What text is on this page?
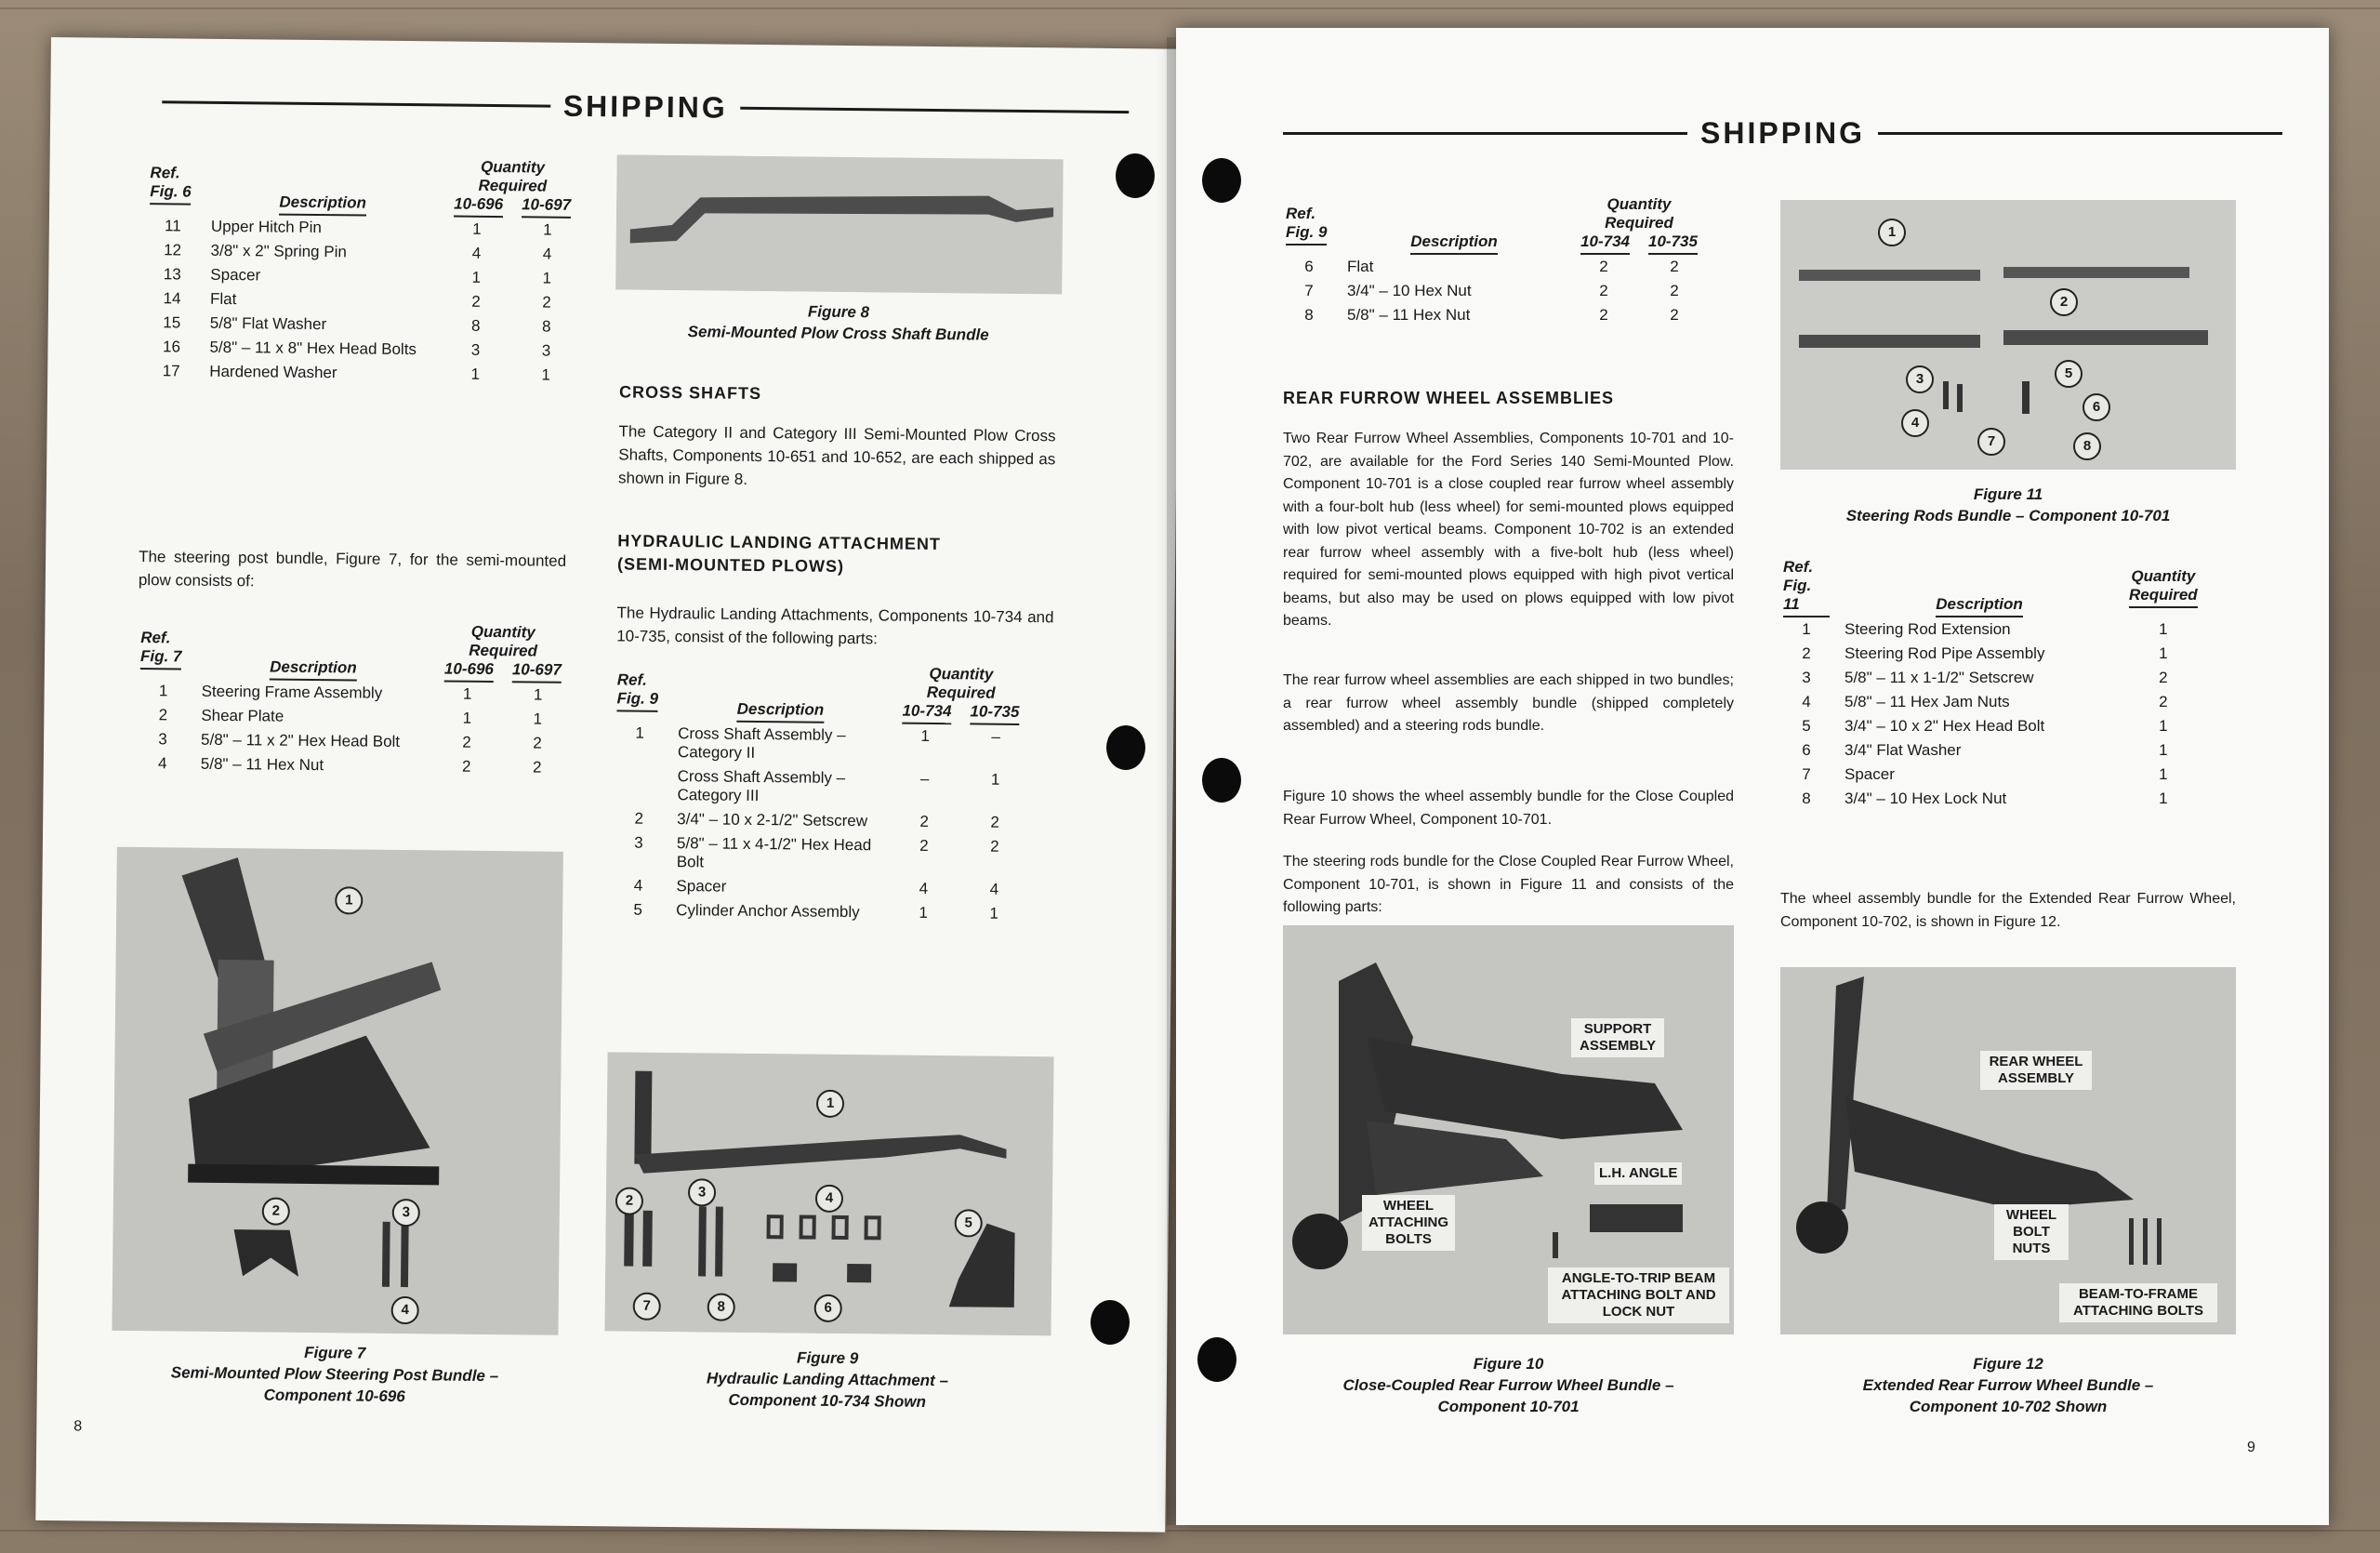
SHIPPING
Ref.
Fig. 6	Description	Quantity Required
10-696 10-697	
11	Upper Hitch Pin	1	1
12	3/8" x 2" Spring Pin	4	4
13	Spacer	1	1
14	Flat	2	2
15	5/8" Flat Washer	8	8
16	5/8" – 11 x 8" Hex Head Bolts	3	3
17	Hardened Washer	1	1
The steering post bundle, Figure 7, for the semi-mounted plow consists of:
Ref.
Fig. 7	Description	Quantity Required
10-696 10-697	
1	Steering Frame Assembly	1	1
2	Shear Plate	1	1
3	5/8" – 11 x 2" Hex Head Bolt	2	2
4	5/8" – 11 Hex Nut	2	2
1
2	3
4
Figure 7
Semi-Mounted Plow Steering Post Bundle –
Component 10-696
8
Figure 8
Semi-Mounted Plow Cross Shaft Bundle
CROSS SHAFTS
The Category II and Category III Semi-Mounted Plow Cross Shafts, Components 10-651 and 10-652, are each shipped as shown in Figure 8.
HYDRAULIC LANDING ATTACHMENT
(SEMI-MOUNTED PLOWS)
The Hydraulic Landing Attachments, Components 10-734 and 10-735, consist of the following parts:
Ref.
Fig. 9	Description	Quantity Required
10-734 10-735	
1	Cross Shaft Assembly – Category II	1	–
	Cross Shaft Assembly – Category III	–	1
2	3/4" – 10 x 2-1/2" Setscrew	2	2
3	5/8" – 11 x 4-1/2" Hex Head Bolt	2	2
4	Spacer	4	4
5	Cylinder Anchor Assembly	1	1
1
2
3	4
5
6
7	8
Figure 9
Hydraulic Landing Attachment –
Component 10-734 Shown
SHIPPING
Ref.
Fig. 9	Description	Quantity Required
10-734 10-735	
6	Flat	2	2
7	3/4" – 10 Hex Nut	2	2
8	5/8" – 11 Hex Nut	2	2
REAR FURROW WHEEL ASSEMBLIES
Two Rear Furrow Wheel Assemblies, Components 10-701 and 10-702, are available for the Ford Series 140 Semi-Mounted Plow. Component 10-701 is a close coupled rear furrow wheel assembly with a four-bolt hub (less wheel) for semi-mounted plows equipped with low pivot vertical beams. Component 10-702 is an extended rear furrow wheel assembly with a five-bolt hub (less wheel) required for semi-mounted plows equipped with high pivot vertical beams, but also may be used on plows equipped with low pivot beams.
The rear furrow wheel assemblies are each shipped in two bundles; a rear furrow wheel assembly bundle (shipped completely assembled) and a steering rods bundle.
Figure 10 shows the wheel assembly bundle for the Close Coupled Rear Furrow Wheel, Component 10-701.
The steering rods bundle for the Close Coupled Rear Furrow Wheel, Component 10-701, is shown in Figure 11 and consists of the following parts:
SUPPORT ASSEMBLY
L.H. ANGLE
WHEEL ATTACHING BOLTS
ANGLE-TO-TRIP BEAM ATTACHING BOLT AND LOCK NUT
Figure 10
Close-Coupled Rear Furrow Wheel Bundle –
Component 10-701
1
2
3
4
5
6
7	8
Figure 11
Steering Rods Bundle – Component 10-701
Ref.
Fig. 11	Description	Quantity Required
1	Steering Rod Extension	1
2	Steering Rod Pipe Assembly	1
3	5/8" – 11 x 1-1/2" Setscrew	2
4	5/8" – 11 Hex Jam Nuts	2
5	3/4" – 10 x 2" Hex Head Bolt	1
6	3/4" Flat Washer	1
7	Spacer	1
8	3/4" – 10 Hex Lock Nut	1
The wheel assembly bundle for the Extended Rear Furrow Wheel, Component 10-702, is shown in Figure 12.
REAR WHEEL ASSEMBLY
WHEEL BOLT NUTS
BEAM-TO-FRAME ATTACHING BOLTS
Figure 12
Extended Rear Furrow Wheel Bundle –
Component 10-702 Shown
9
